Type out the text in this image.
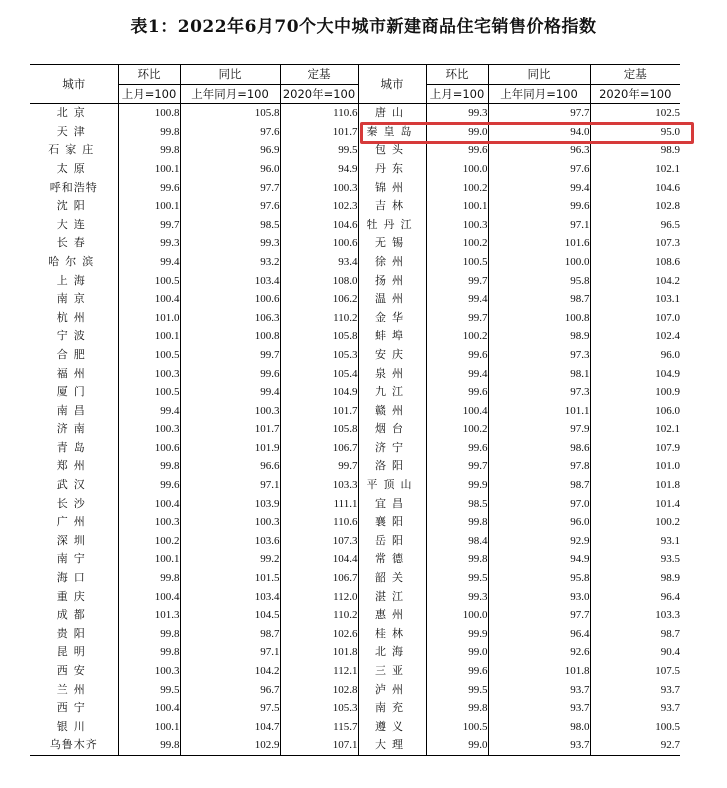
表1：2022年6月70个大中城市新建商品住宅销售价格指数
城市	环比	同比	定基	城市	环比	同比	定基
	上月=100	上年同月=100	2020年=100		上月=100	上年同月=100	2020年=100
北京	100.8	105.8	110.6	唐山	99.3	97.7	102.5
天津	99.8	97.6	101.7	秦皇岛	99.0	94.0	95.0
石家庄	99.8	96.9	99.5	包头	99.6	96.3	98.9
太原	100.1	96.0	94.9	丹东	100.0	97.6	102.1
呼和浩特	99.6	97.7	100.3	锦州	100.2	99.4	104.6
沈阳	100.1	97.6	102.3	吉林	100.1	99.6	102.8
大连	99.7	98.5	104.6	牡丹江	100.3	97.1	96.5
长春	99.3	99.3	100.6	无锡	100.2	101.6	107.3
哈尔滨	99.4	93.2	93.4	徐州	100.5	100.0	108.6
上海	100.5	103.4	108.0	扬州	99.7	95.8	104.2
南京	100.4	100.6	106.2	温州	99.4	98.7	103.1
杭州	101.0	106.3	110.2	金华	99.7	100.8	107.0
宁波	100.1	100.8	105.8	蚌埠	100.2	98.9	102.4
合肥	100.5	99.7	105.3	安庆	99.6	97.3	96.0
福州	100.3	99.6	105.4	泉州	99.4	98.1	104.9
厦门	100.5	99.4	104.9	九江	99.6	97.3	100.9
南昌	99.4	100.3	101.7	赣州	100.4	101.1	106.0
济南	100.3	101.7	105.8	烟台	100.2	97.9	102.1
青岛	100.6	101.9	106.7	济宁	99.6	98.6	107.9
郑州	99.8	96.6	99.7	洛阳	99.7	97.8	101.0
武汉	99.6	97.1	103.3	平顶山	99.9	98.7	101.8
长沙	100.4	103.9	111.1	宜昌	98.5	97.0	101.4
广州	100.3	100.3	110.6	襄阳	99.8	96.0	100.2
深圳	100.2	103.6	107.3	岳阳	98.4	92.9	93.1
南宁	100.1	99.2	104.4	常德	99.8	94.9	93.5
海口	99.8	101.5	106.7	韶关	99.5	95.8	98.9
重庆	100.4	103.4	112.0	湛江	99.3	93.0	96.4
成都	101.3	104.5	110.2	惠州	100.0	97.7	103.3
贵阳	99.8	98.7	102.6	桂林	99.9	96.4	98.7
昆明	99.8	97.1	101.8	北海	99.0	92.6	90.4
西安	100.3	104.2	112.1	三亚	99.6	101.8	107.5
兰州	99.5	96.7	102.8	泸州	99.5	93.7	93.7
西宁	100.4	97.5	105.3	南充	99.8	93.7	93.7
银川	100.1	104.7	115.7	遵义	100.5	98.0	100.5
乌鲁木齐	99.8	102.9	107.1	大理	99.0	93.7	92.7
